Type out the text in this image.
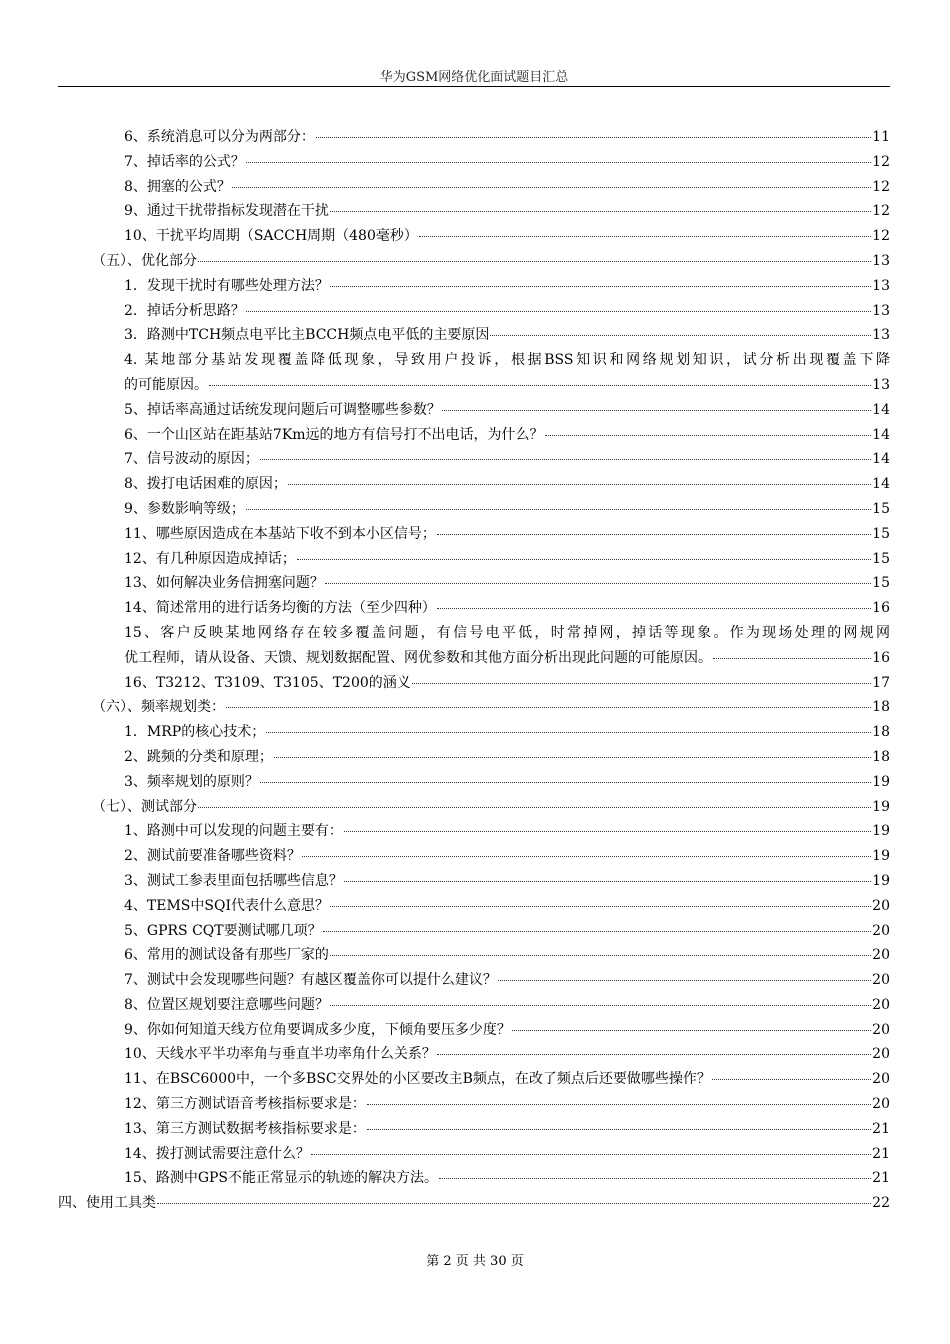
华为GSM网络优化面试题目汇总
6、系统消息可以分为两部分：	11
7、掉话率的公式？	12
8、拥塞的公式？	12
9、通过干扰带指标发现潜在干扰	12
10、干扰平均周期（SACCH周期（480毫秒）	12
（五）、优化部分	13
1．发现干扰时有哪些处理方法？	13
2．掉话分析思路？	13
3．路测中TCH频点电平比主BCCH频点电平低的主要原因	13
4. 某地部分基站发现覆盖降低现象，导致用户投诉，根据BSS知识和网络规划知识，试分析出现覆盖下降
的可能原因。	13
5、掉话率高通过话统发现问题后可调整哪些参数？	14
6、一个山区站在距基站7Km远的地方有信号打不出电话，为什么？	14
7、信号波动的原因；	14
8、拨打电话困难的原因；	14
9、参数影响等级；	15
11、哪些原因造成在本基站下收不到本小区信号；	15
12、有几种原因造成掉话；	15
13、如何解决业务信拥塞问题？	15
14、简述常用的进行话务均衡的方法（至少四种）	16
15、客户反映某地网络存在较多覆盖问题，有信号电平低，时常掉网，掉话等现象。作为现场处理的网规网
优工程师，请从设备、天馈、规划数据配置、网优参数和其他方面分析出现此问题的可能原因。	16
16、T3212、T3109、T3105、T200的涵义	17
（六）、频率规划类：	18
1．MRP的核心技术；	18
2、跳频的分类和原理；	18
3、频率规划的原则？	19
（七）、测试部分	19
1、路测中可以发现的问题主要有：	19
2、测试前要准备哪些资料？	19
3、测试工参表里面包括哪些信息？	19
4、TEMS中SQI代表什么意思？	20
5、GPRS CQT要测试哪几项？	20
6、常用的测试设备有那些厂家的	20
7、测试中会发现哪些问题？有越区覆盖你可以提什么建议？	20
8、位置区规划要注意哪些问题？	20
9、你如何知道天线方位角要调成多少度，下倾角要压多少度？	20
10、天线水平半功率角与垂直半功率角什么关系？	20
11、在BSC6000中，一个多BSC交界处的小区要改主B频点，在改了频点后还要做哪些操作？	20
12、第三方测试语音考核指标要求是：	20
13、第三方测试数据考核指标要求是：	21
14、拨打测试需要注意什么？	21
15、路测中GPS不能正常显示的轨迹的解决方法。	21
四、使用工具类	22
第 2 页 共 30 页
